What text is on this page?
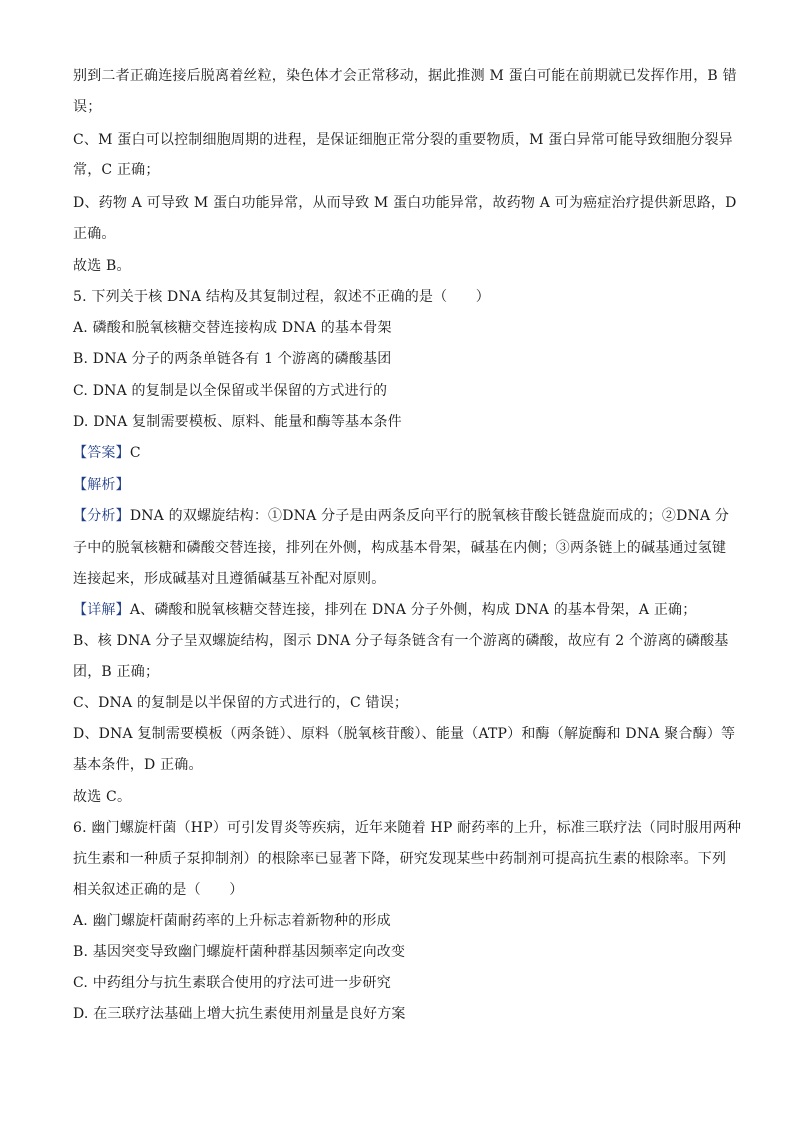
别到二者正确连接后脱离着丝粒，染色体才会正常移动，据此推测 M 蛋白可能在前期就已发挥作用，B 错
误；
C、M 蛋白可以控制细胞周期的进程，是保证细胞正常分裂的重要物质，M 蛋白异常可能导致细胞分裂异
常，C 正确；
D、药物 A 可导致 M 蛋白功能异常，从而导致 M 蛋白功能异常，故药物 A 可为癌症治疗提供新思路，D
正确。
故选 B。
5. 下列关于核 DNA 结构及其复制过程，叙述不正确的是（　　）
A. 磷酸和脱氧核糖交替连接构成 DNA 的基本骨架
B. DNA 分子的两条单链各有 1 个游离的磷酸基团
C. DNA 的复制是以全保留或半保留的方式进行的
D. DNA 复制需要模板、原料、能量和酶等基本条件
【答案】C
【解析】
【分析】DNA 的双螺旋结构：①DNA 分子是由两条反向平行的脱氧核苷酸长链盘旋而成的；②DNA 分
子中的脱氧核糖和磷酸交替连接，排列在外侧，构成基本骨架，碱基在内侧；③两条链上的碱基通过氢键
连接起来，形成碱基对且遵循碱基互补配对原则。
【详解】A、磷酸和脱氧核糖交替连接，排列在 DNA 分子外侧，构成 DNA 的基本骨架，A 正确；
B、核 DNA 分子呈双螺旋结构，图示 DNA 分子每条链含有一个游离的磷酸，故应有 2 个游离的磷酸基
团，B 正确；
C、DNA 的复制是以半保留的方式进行的，C 错误；
D、DNA 复制需要模板（两条链）、原料（脱氧核苷酸）、能量（ATP）和酶（解旋酶和 DNA 聚合酶）等
基本条件，D 正确。
故选 C。
6. 幽门螺旋杆菌（HP）可引发胃炎等疾病，近年来随着 HP 耐药率的上升，标准三联疗法（同时服用两种
抗生素和一种质子泵抑制剂）的根除率已显著下降，研究发现某些中药制剂可提高抗生素的根除率。下列
相关叙述正确的是（　　）
A. 幽门螺旋杆菌耐药率的上升标志着新物种的形成
B. 基因突变导致幽门螺旋杆菌种群基因频率定向改变
C. 中药组分与抗生素联合使用的疗法可进一步研究
D. 在三联疗法基础上增大抗生素使用剂量是良好方案
